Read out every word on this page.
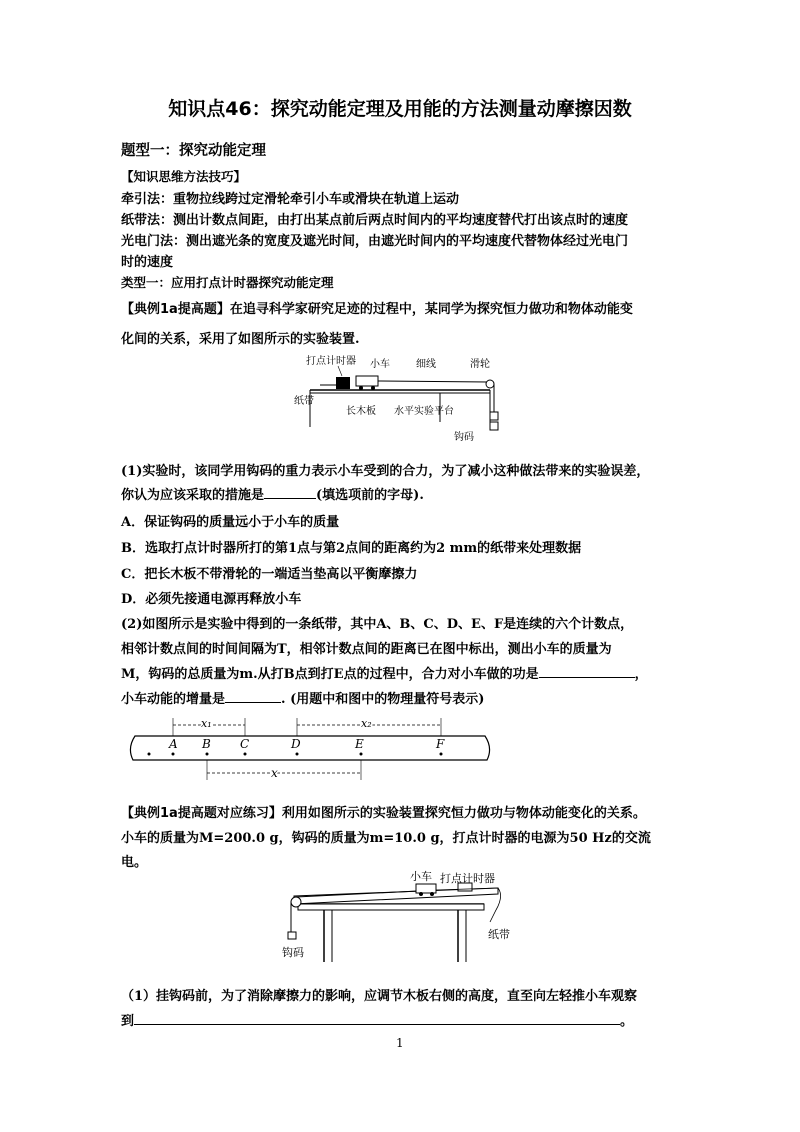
知识点46：探究动能定理及用能的方法测量动摩擦因数
题型一：探究动能定理
【知识思维方法技巧】
牵引法：重物拉线跨过定滑轮牵引小车或滑块在轨道上运动
纸带法：测出计数点间距，由打出某点前后两点时间内的平均速度替代打出该点时的速度
光电门法：测出遮光条的宽度及遮光时间，由遮光时间内的平均速度代替物体经过光电门
时的速度
类型一：应用打点计时器探究动能定理
【典例1a提高题】在追寻科学家研究足迹的过程中，某同学为探究恒力做功和物体动能变
化间的关系，采用了如图所示的实验装置.
打点计时器 小车	细线	滑轮
纸带
长木板 水平实验平台
钩码
(1)实验时，该同学用钩码的重力表示小车受到的合力，为了减小这种做法带来的实验误差，
你认为应该采取的措施是	(填选项前的字母).
A．保证钩码的质量远小于小车的质量
B．选取打点计时器所打的第1点与第2点间的距离约为2 mm的纸带来处理数据
C．把长木板不带滑轮的一端适当垫高以平衡摩擦力
D．必须先接通电源再释放小车
(2)如图所示是实验中得到的一条纸带，其中A、B、C、D、E、F是连续的六个计数点，
相邻计数点间的时间间隔为T，相邻计数点间的距离已在图中标出，测出小车的质量为
M，钩码的总质量为m.从打B点到打E点的过程中，合力对小车做的功是	，
小车动能的增量是	. (用题中和图中的物理量符号表示)
A B C	D	E	F
x₁	x₂
x
【典例1a提高题对应练习】利用如图所示的实验装置探究恒力做功与物体动能变化的关系。
小车的质量为M=200.0 g，钩码的质量为m=10.0 g，打点计时器的电源为50 Hz的交流
电。
小车 打点计时器
纸带
钩码
（1）挂钩码前，为了消除摩擦力的影响，应调节木板右侧的高度，直至向左轻推小车观察
到	。
1
